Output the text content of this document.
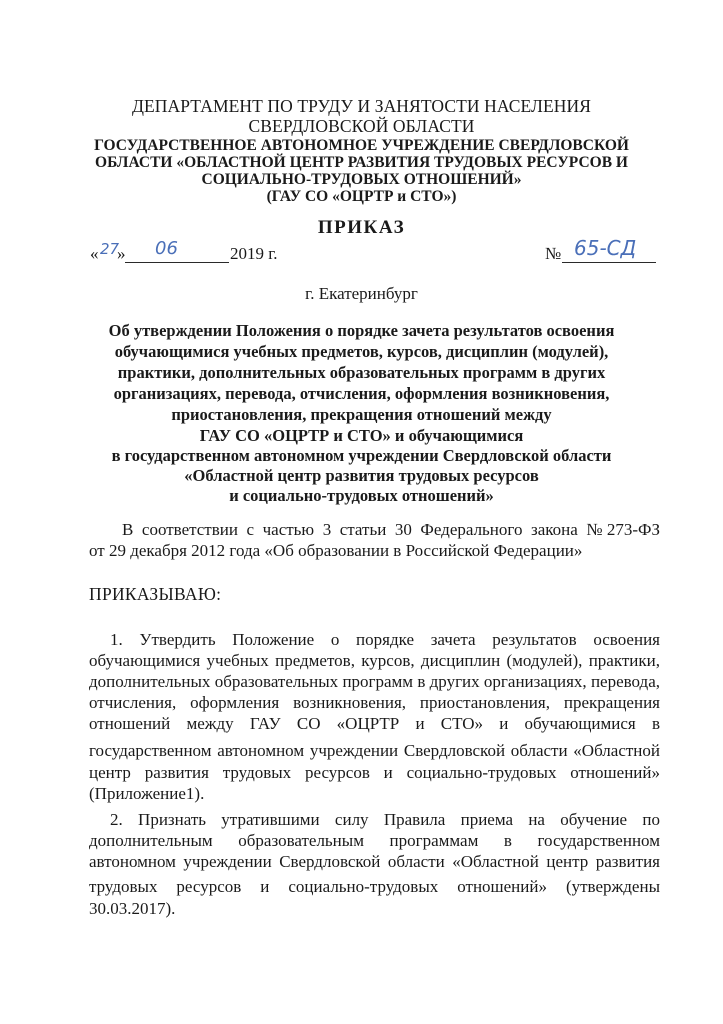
ДЕПАРТАМЕНТ ПО ТРУДУ И ЗАНЯТОСТИ НАСЕЛЕНИЯ
СВЕРДЛОВСКОЙ ОБЛАСТИ
ГОСУДАРСТВЕННОЕ АВТОНОМНОЕ УЧРЕЖДЕНИЕ СВЕРДЛОВСКОЙ
ОБЛАСТИ «ОБЛАСТНОЙ ЦЕНТР РАЗВИТИЯ ТРУДОВЫХ РЕСУРСОВ И
СОЦИАЛЬНО-ТРУДОВЫХ ОТНОШЕНИЙ»
(ГАУ СО «ОЦРТР и СТО»)
ПРИКАЗ
« 27
» 06	2019 г.	№ 65-СД
г. Екатеринбург
Об утверждении Положения о порядке зачета результатов освоения
обучающимися учебных предметов, курсов, дисциплин (модулей),
практики, дополнительных образовательных программ в других
организациях, перевода, отчисления, оформления возникновения,
приостановления, прекращения отношений между
ГАУ СО «ОЦРТР и СТО» и обучающимися
в государственном автономном учреждении Свердловской области
«Областной центр развития трудовых ресурсов
и социально-трудовых отношений»
В соответствии с частью 3 статьи 30 Федерального закона №273-ФЗ
от 29 декабря 2012 года «Об образовании в Российской Федерации»
ПРИКАЗЫВАЮ:
1. Утвердить Положение о порядке зачета результатов освоения
обучающимися учебных предметов, курсов, дисциплин (модулей), практики,
дополнительных образовательных программ в других организациях, перевода,
отчисления, оформления возникновения, приостановления, прекращения
отношений между ГАУ СО «ОЦРТР и СТО» и обучающимися в
государственном автономном учреждении Свердловской области «Областной
центр развития трудовых ресурсов и социально-трудовых отношений»
(Приложение1).
2. Признать утратившими силу Правила приема на обучение по
дополнительным образовательным программам в государственном
автономном учреждении Свердловской области «Областной центр развития
трудовых ресурсов и социально-трудовых отношений» (утверждены
30.03.2017).
